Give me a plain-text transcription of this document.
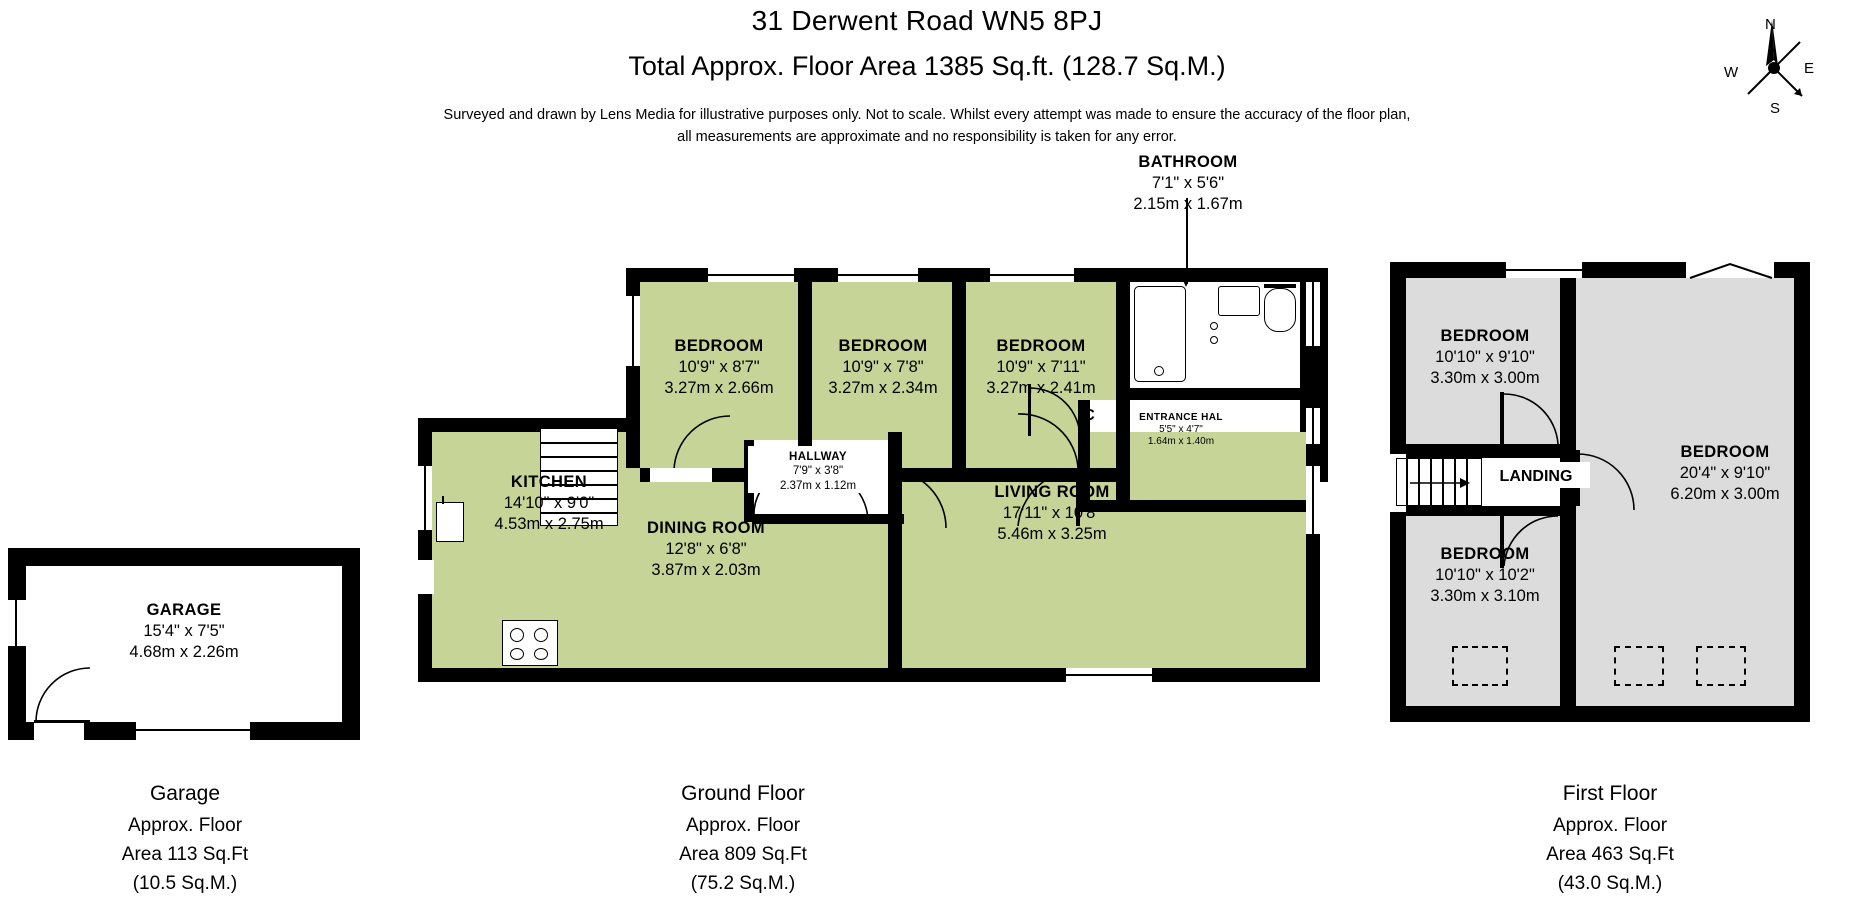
31 Derwent Road WN5 8PJ
Total Approx. Floor Area 1385 Sq.ft. (128.7 Sq.M.)
Surveyed and drawn by Lens Media for illustrative purposes only. Not to scale. Whilst every attempt was made to ensure the accuracy of the floor plan,
all measurements are approximate and no responsibility is taken for any error.
N
E
S
W
GARAGE
15'4" x 7'5"
4.68m x 2.26m
Garage
Approx. Floor
Area 113 Sq.Ft
(10.5 Sq.M.)
BEDROOM
10'9" x 8'7"
3.27m x 2.66m
BEDROOM
10'9" x 7'8"
3.27m x 2.34m
BEDROOM
10'9" x 7'11"
3.27m x 2.41m
KITCHEN
14'10" x 9'0"
4.53m x 2.75m	DINING ROOM
12'8" x 6'8"
3.87m x 2.03m
LIVING ROOM
17'11" x 10'8"
5.46m x 3.25m
HALLWAY
7'9" x 3'8"
2.37m x 1.12m
ENTRANCE HAL
5'5" x 4'7"
1.64m x 1.40m
C
BATHROOM
7'1" x 5'6"
2.15m x 1.67m
Ground Floor
Approx. Floor
Area 809 Sq.Ft
(75.2 Sq.M.)
BEDROOM
10'10" x 9'10"
3.30m x 3.00m
BEDROOM
20'4" x 9'10"
6.20m x 3.00m
BEDROOM
10'10" x 10'2"
3.30m x 3.10m
LANDING
First Floor
Approx. Floor
Area 463 Sq.Ft
(43.0 Sq.M.)
